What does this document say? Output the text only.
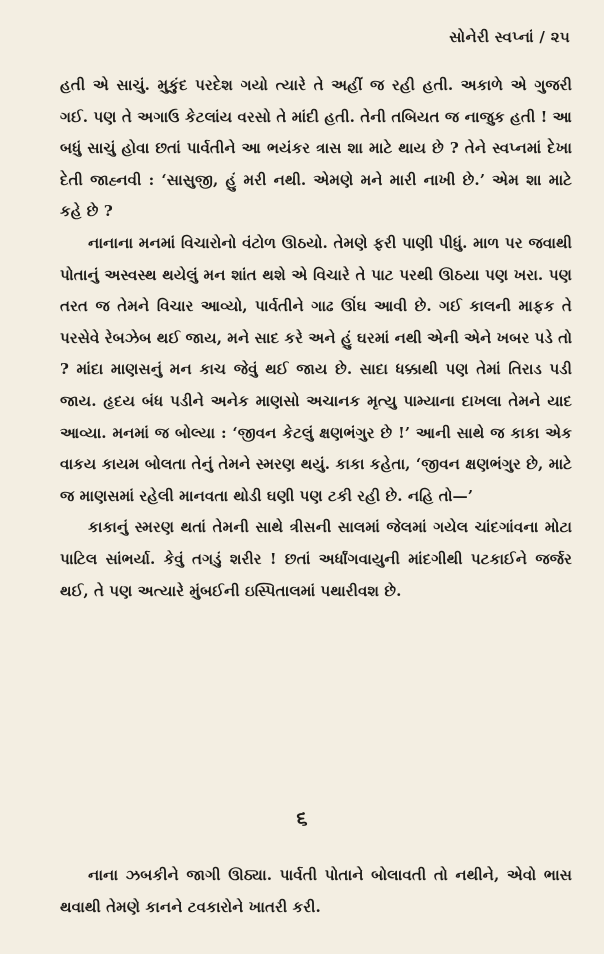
સોનેરી સ્વપ્નાં / ૨૫

હતી એ સાચું. મુકુંદ પરદેશ ગયો ત્યારે તે અહીં જ રહી હતી. અકાળે એ ગુજરી ગઈ. પણ તે અગાઉ કેટલાંય વરસો તે માંદી હતી. તેની તબિયત જ નાજુક હતી ! આ બધું સાચું હોવા છતાં પાર્વતીને આ ભયંકર ત્રાસ શા માટે થાય છે ? તેને સ્વપ્નમાં દેખા દેતી જાહ્નવી : ‘સાસુજી, હું મરી નથી. એમણે મને મારી નાખી છે.’ એમ શા માટે કહે છે ?

નાનાના મનમાં વિચારોનો વંટોળ ઊઠયો. તેમણે ફરી પાણી પીધું. માળ પર જવાથી પોતાનું અસ્વસ્થ થયેલું મન શાંત થશે એ વિચારે તે પાટ પરથી ઊઠયા પણ ખરા. પણ તરત જ તેમને વિચાર આવ્યો, પાર્વતીને ગાઢ ઊંઘ આવી છે. ગઈ કાલની માફક તે પરસેવે રેબઝેબ થઈ જાય, મને સાદ કરે અને હું ઘરમાં નથી એની એને ખબર પડે તો ? માંદા માણસનું મન કાચ જેવું થઈ જાય છે. સાદા ધક્કાથી પણ તેમાં તિરાડ પડી જાય. હૃદય બંધ પડીને અનેક માણસો અચાનક મૃત્યુ પામ્યાના દાખલા તેમને યાદ આવ્યા. મનમાં જ બોલ્યા : ‘જીવન કેટલું ક્ષણભંગુર છે !’ આની સાથે જ કાકા એક વાકય કાયમ બોલતા તેનું તેમને સ્મરણ થયું. કાકા કહેતા, ‘જીવન ક્ષણભંગુર છે, માટે જ માણસમાં રહેલી માનવતા થોડી ઘણી પણ ટકી રહી છે. નહિ તો—’

કાકાનું સ્મરણ થતાં તેમની સાથે ત્રીસની સાલમાં જેલમાં ગયેલ ચાંદગાંવના મોટા પાટિલ સાંભર્યા. કેવું તગડું શરીર ! છતાં અર્ધાંગવાયુની માંદગીથી પટકાઈને જર્જર થઈ, તે પણ અત્યારે મુંબઈની ઇસ્પિતાલમાં પથારીવશ છે.

૬

નાના ઝબકીને જાગી ઊઠ્યા. પાર્વતી પોતાને બોલાવતી તો નથીને, એવો ભાસ થવાથી તેમણે કાનને ટવકારોને ખાતરી કરી.
